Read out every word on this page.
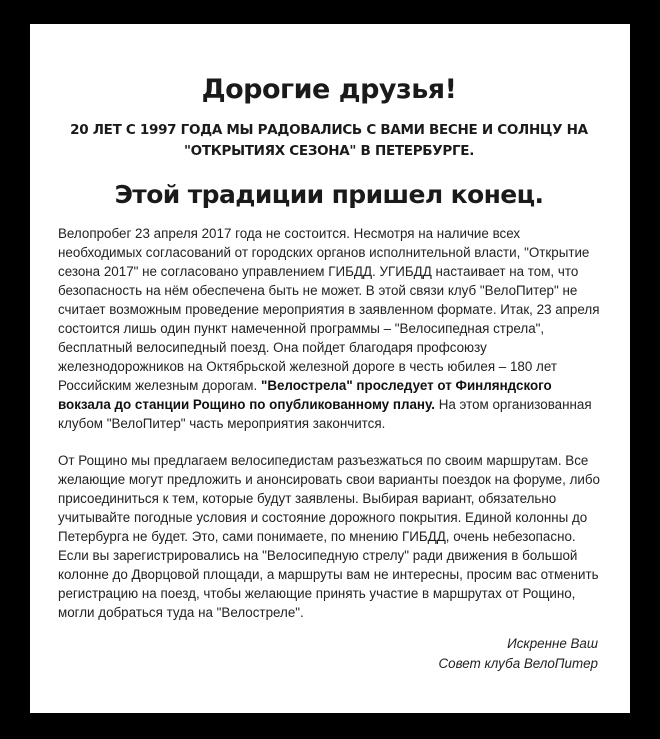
Дорогие друзья!
20 ЛЕТ С 1997 ГОДА МЫ РАДОВАЛИСЬ С ВАМИ ВЕСНЕ И СОЛНЦУ НА
"ОТКРЫТИЯХ СЕЗОНА" В ПЕТЕРБУРГЕ.
Этой традиции пришел конец.

Велопробег 23 апреля 2017 года не состоится. Несмотря на наличие всех необходимых согласований от городских органов исполнительной власти, "Открытие сезона 2017" не согласовано управлением ГИБДД. УГИБДД настаивает на том, что безопасность на нём обеспечена быть не может. В этой связи клуб "ВелоПитер" не считает возможным проведение мероприятия в заявленном формате. Итак, 23 апреля состоится лишь один пункт намеченной программы – "Велосипедная стрела", бесплатный велосипедный поезд. Она пойдет благодаря профсоюзу железнодорожников на Октябрьской железной дороге в честь юбилея – 180 лет Российским железным дорогам. "Велострела" проследует от Финляндского вокзала до станции Рощино по опубликованному плану. На этом организованная клубом "ВелоПитер" часть мероприятия закончится.

От Рощино мы предлагаем велосипедистам разъезжаться по своим маршрутам. Все желающие могут предложить и анонсировать свои варианты поездок на форуме, либо присоединиться к тем, которые будут заявлены. Выбирая вариант, обязательно учитывайте погодные условия и состояние дорожного покрытия. Единой колонны до Петербурга не будет. Это, сами понимаете, по мнению ГИБДД, очень небезопасно. Если вы зарегистрировались на "Велосипедную стрелу" ради движения в большой колонне до Дворцовой площади, а маршруты вам не интересны, просим вас отменить регистрацию на поезд, чтобы желающие принять участие в маршрутах от Рощино, могли добраться туда на "Велострелe".

Искренне Ваш
Совет клуба ВелоПитер
